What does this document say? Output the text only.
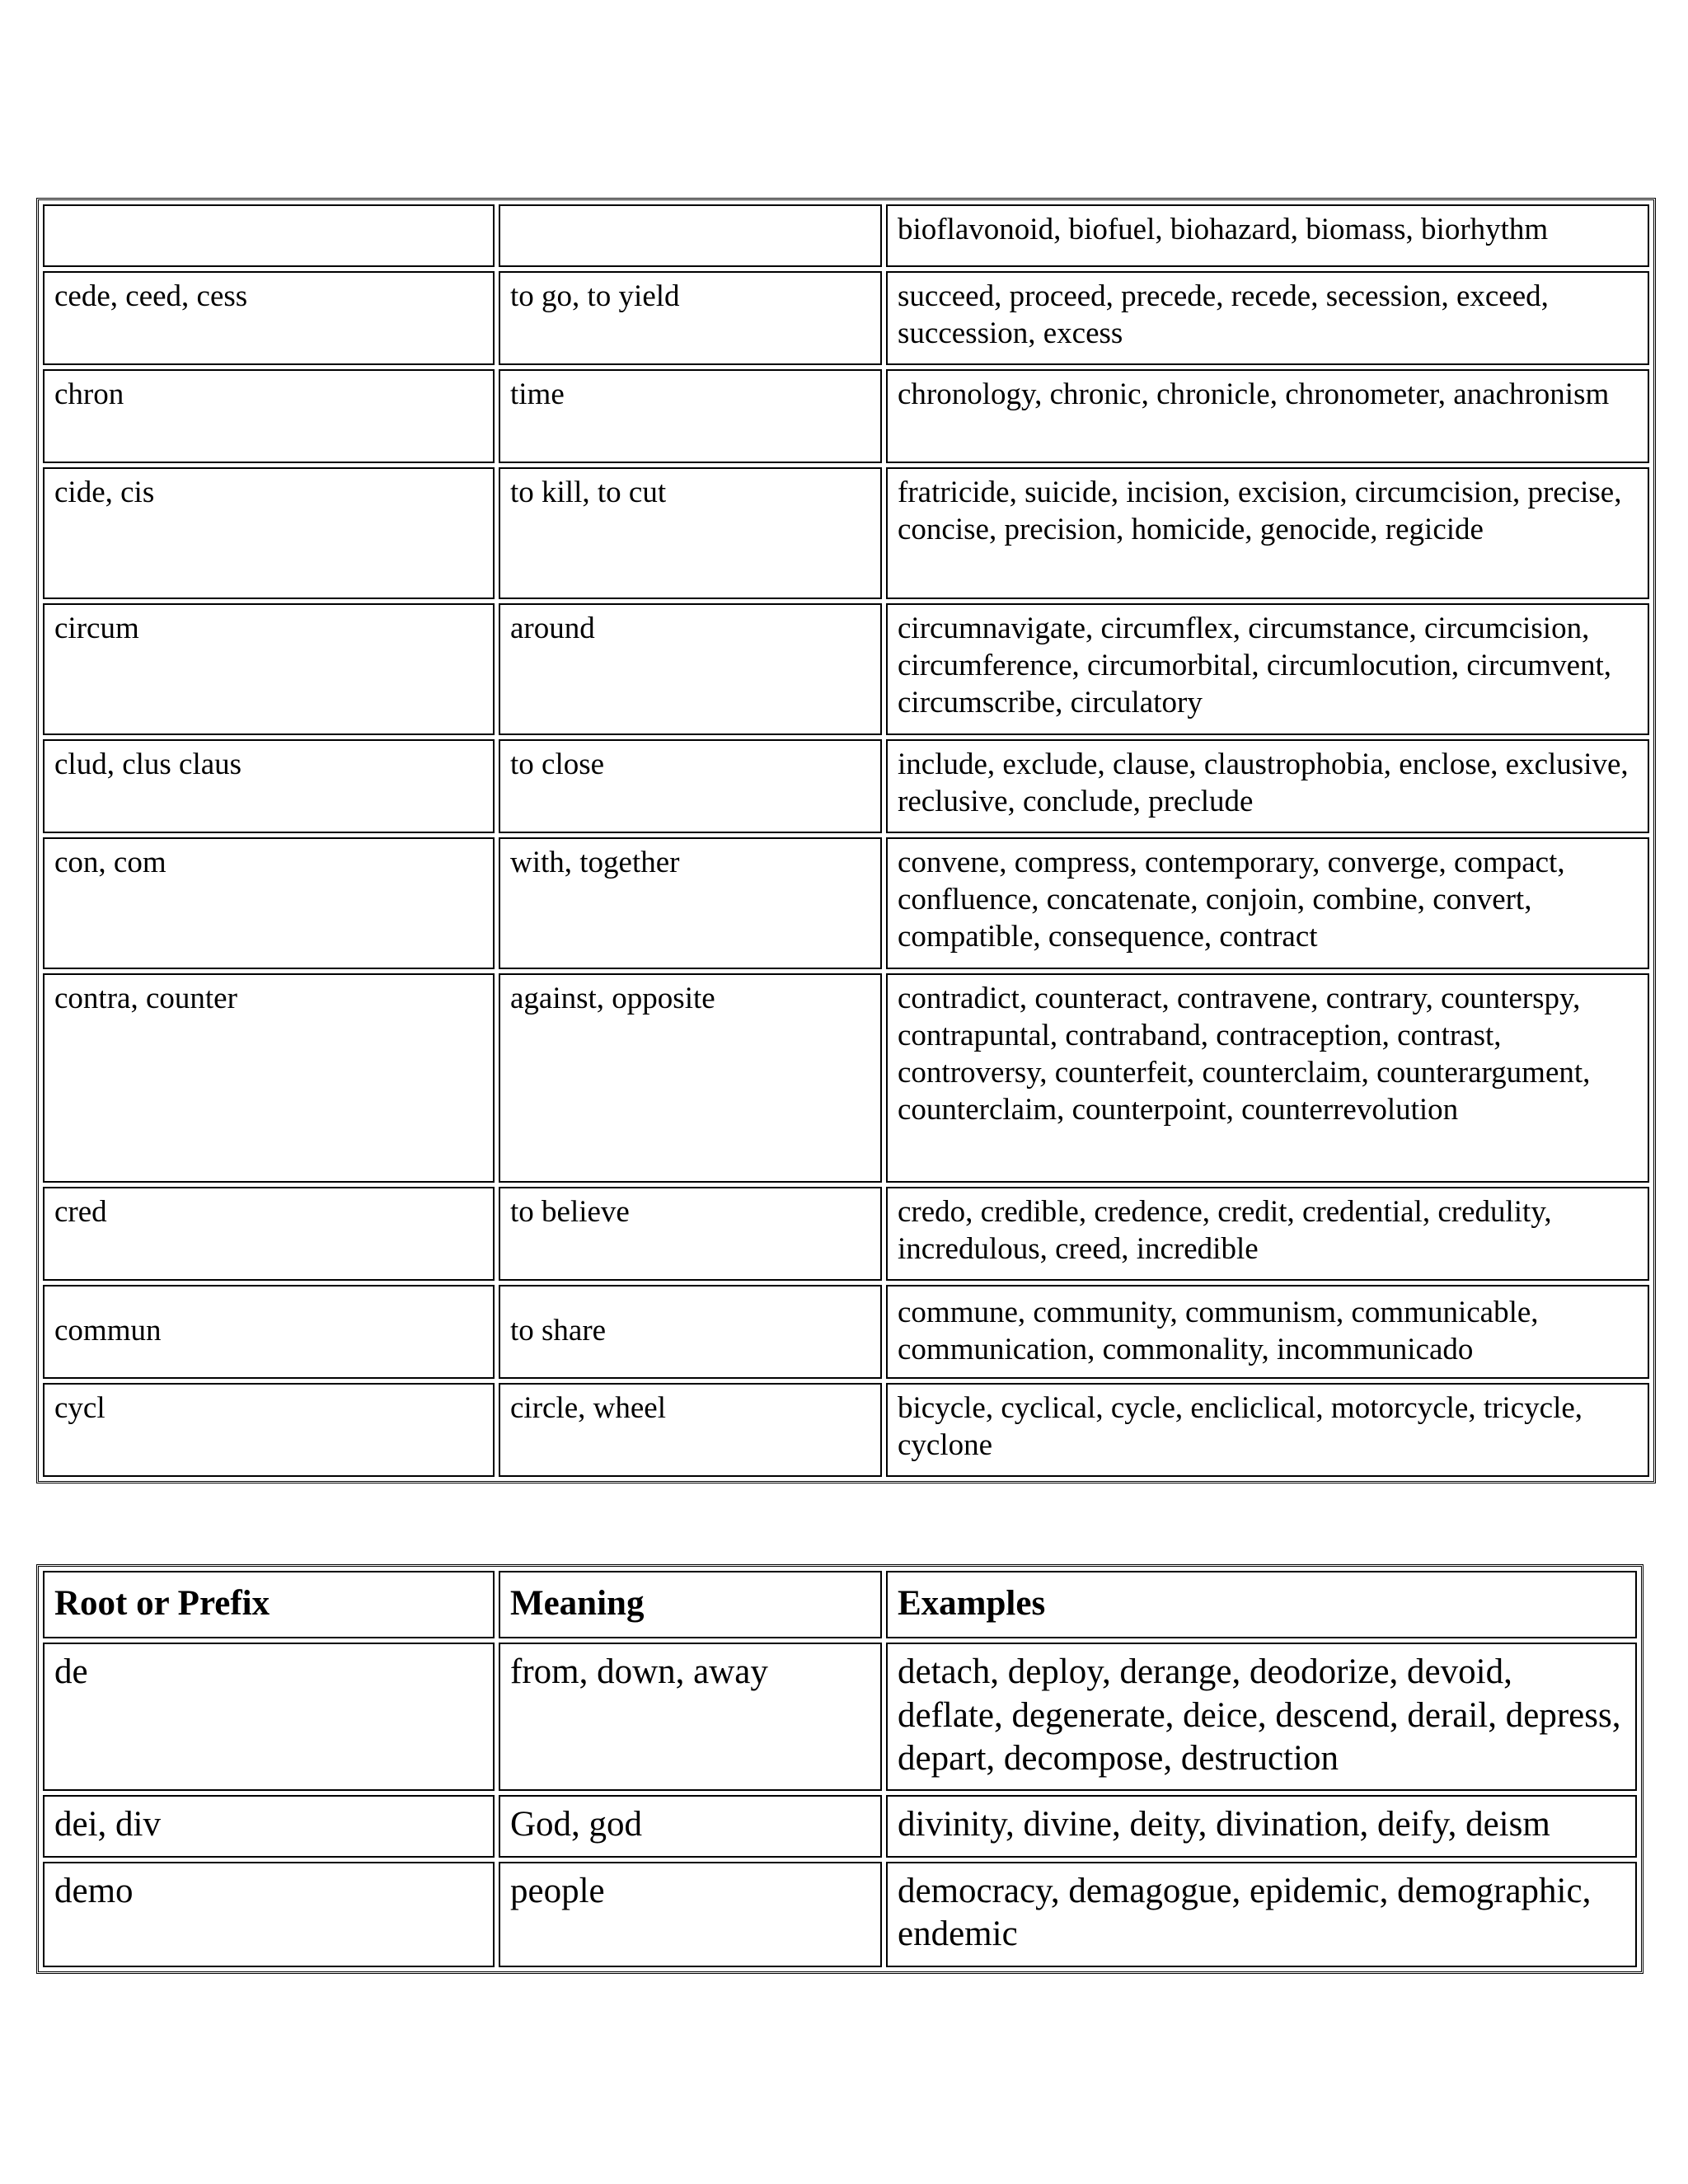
		bioflavonoid, biofuel, biohazard, biomass, biorhythm
cede, ceed, cess	to go, to yield	succeed, proceed, precede, recede, secession, exceed, succession, excess
chron	time	chronology, chronic, chronicle, chronometer, anachronism
cide, cis	to kill, to cut	fratricide, suicide, incision, excision, circumcision, precise, concise, precision, homicide, genocide, regicide
circum	around	circumnavigate, circumflex, circumstance, circumcision, circumference, circumorbital, circumlocution, circumvent, circumscribe, circulatory
clud, clus claus	to close	include, exclude, clause, claustrophobia, enclose, exclusive, reclusive, conclude, preclude
con, com	with, together	convene, compress, contemporary, converge, compact, confluence, concatenate, conjoin, combine, convert, compatible, consequence, contract
contra, counter	against, opposite	contradict, counteract, contravene, contrary, counterspy, contrapuntal, contraband, contraception, contrast, controversy, counterfeit, counterclaim, counterargument, counterclaim, counterpoint, counterrevolution
cred	to believe	credo, credible, credence, credit, credential, credulity, incredulous, creed, incredible
commun	to share	commune, community, communism, communicable, communication, commonality, incommunicado
cycl	circle, wheel	bicycle, cyclical, cycle, encliclical, motorcycle, tricycle, cyclone
Root or Prefix	Meaning	Examples
de	from, down, away	detach, deploy, derange, deodorize, devoid, deflate, degenerate, deice, descend, derail, depress, depart, decompose, destruction
dei, div	God, god	divinity, divine, deity, divination, deify, deism
demo	people	democracy, demagogue, epidemic, demographic, endemic
